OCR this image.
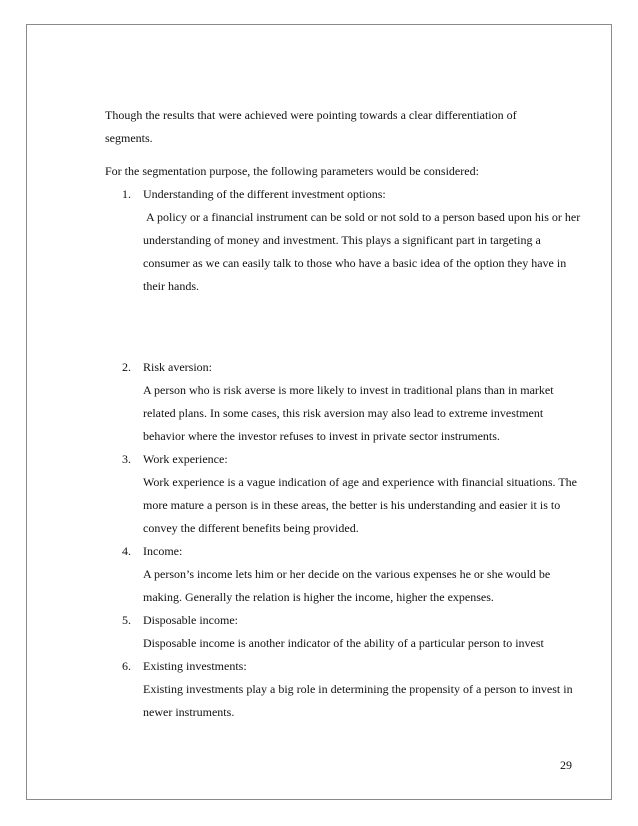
Though the results that were achieved were pointing towards a clear differentiation of segments.

For the segmentation purpose, the following parameters would be considered:

1. Understanding of the different investment options:
A policy or a financial instrument can be sold or not sold to a person based upon his or her understanding of money and investment. This plays a significant part in targeting a consumer as we can easily talk to those who have a basic idea of the option they have in their hands.
2. Risk aversion:
A person who is risk averse is more likely to invest in traditional plans than in market related plans. In some cases, this risk aversion may also lead to extreme investment behavior where the investor refuses to invest in private sector instruments.
3. Work experience:
Work experience is a vague indication of age and experience with financial situations. The more mature a person is in these areas, the better is his understanding and easier it is to convey the different benefits being provided.
4. Income:
A person’s income lets him or her decide on the various expenses he or she would be making. Generally the relation is higher the income, higher the expenses.
5. Disposable income:
Disposable income is another indicator of the ability of a particular person to invest
6. Existing investments:
Existing investments play a big role in determining the propensity of a person to invest in newer instruments.
29
